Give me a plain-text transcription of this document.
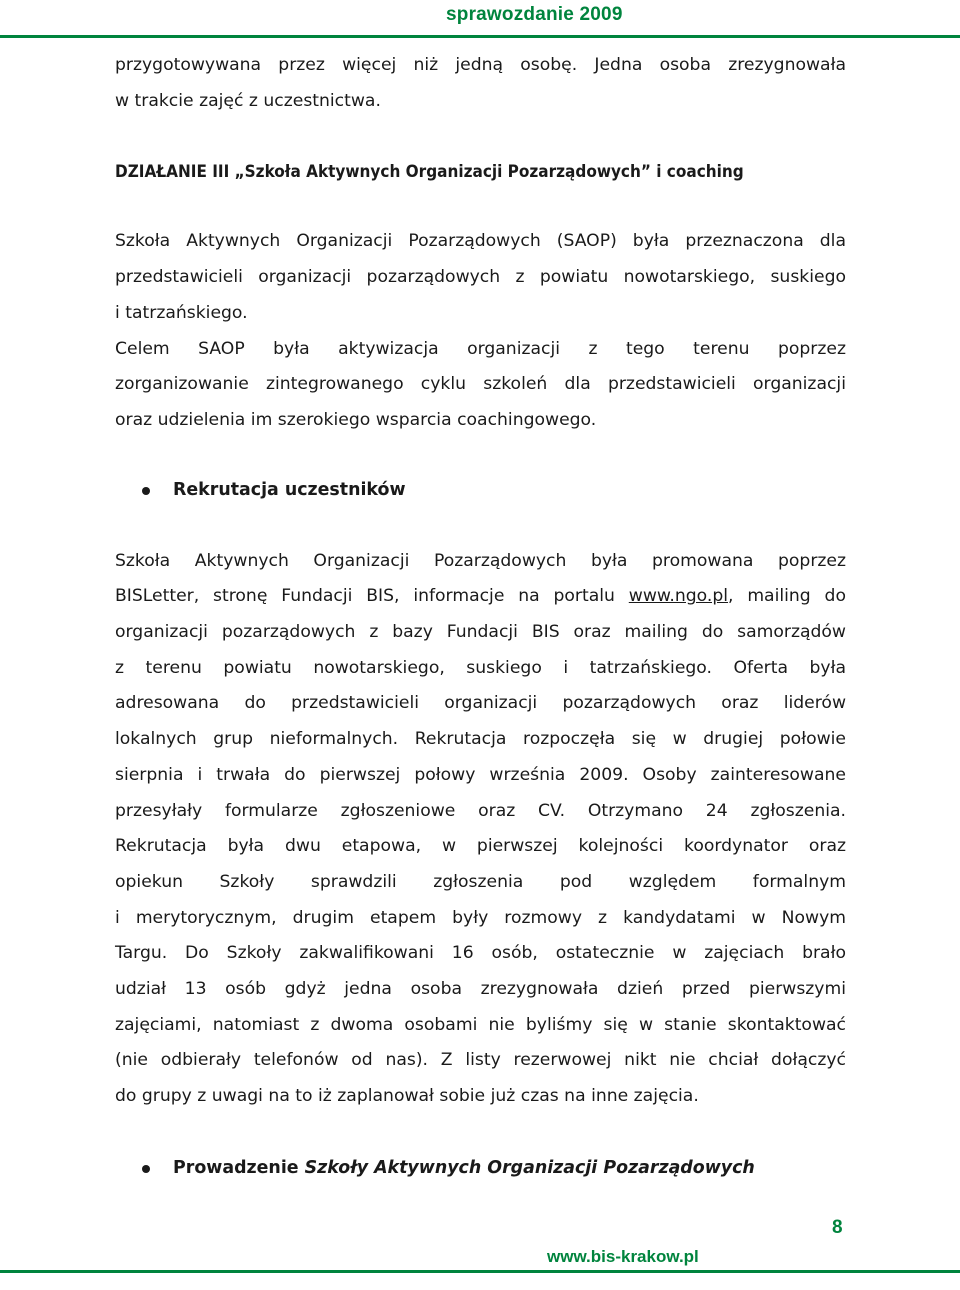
sprawozdanie 2009

przygotowywana przez więcej niż jedną osobę. Jedna osoba zrezygnowała

w trakcie zajęć z uczestnictwa.

DZIAŁANIE III „Szkoła Aktywnych Organizacji Pozarządowych” i coaching

Szkoła Aktywnych Organizacji Pozarządowych (SAOP) była przeznaczona dla

przedstawicieli organizacji pozarządowych z powiatu nowotarskiego, suskiego

i tatrzańskiego.

Celem SAOP była aktywizacja organizacji z tego terenu poprzez

zorganizowanie zintegrowanego cyklu szkoleń dla przedstawicieli organizacji

oraz udzielenia im szerokiego wsparcia coachingowego.

Rekrutacja uczestników

Szkoła Aktywnych Organizacji Pozarządowych była promowana poprzez

BISLetter, stronę Fundacji BIS, informacje na portalu www.ngo.pl, mailing do

organizacji pozarządowych z bazy Fundacji BIS oraz mailing do samorządów

z terenu powiatu nowotarskiego, suskiego i tatrzańskiego. Oferta była

adresowana do przedstawicieli organizacji pozarządowych oraz liderów

lokalnych grup nieformalnych. Rekrutacja rozpoczęła się w drugiej połowie

sierpnia i trwała do pierwszej połowy września 2009. Osoby zainteresowane

przesyłały formularze zgłoszeniowe oraz CV. Otrzymano 24 zgłoszenia.

Rekrutacja była dwu etapowa, w pierwszej kolejności koordynator oraz

opiekun Szkoły sprawdzili zgłoszenia pod względem formalnym

i merytorycznym, drugim etapem były rozmowy z kandydatami w Nowym

Targu. Do Szkoły zakwalifikowani 16 osób, ostatecznie w zajęciach brało

udział 13 osób gdyż jedna osoba zrezygnowała dzień przed pierwszymi

zajęciami, natomiast z dwoma osobami nie byliśmy się w stanie skontaktować

(nie odbierały telefonów od nas). Z listy rezerwowej nikt nie chciał dołączyć

do grupy z uwagi na to iż zaplanował sobie już czas na inne zajęcia.

Prowadzenie Szkoły Aktywnych Organizacji Pozarządowych
8
www.bis-krakow.pl
